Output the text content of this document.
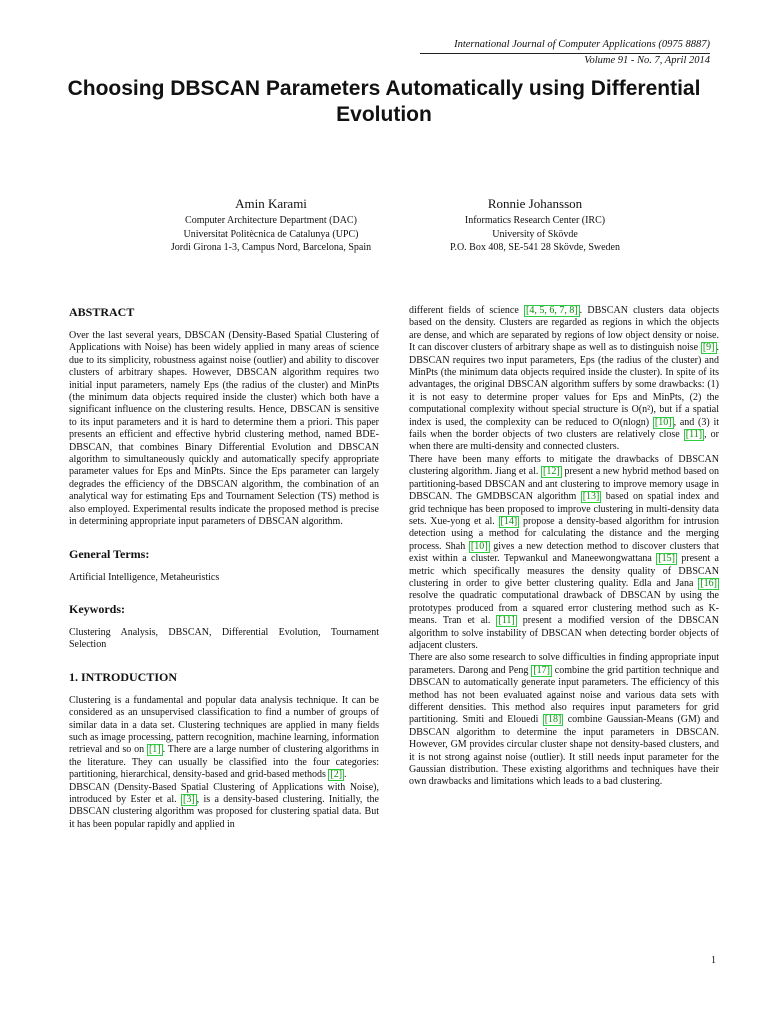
International Journal of Computer Applications (0975 8887)
Volume 91 - No. 7, April 2014
Choosing DBSCAN Parameters Automatically using Differential Evolution
Amin Karami
Computer Architecture Department (DAC)
Universitat Politècnica de Catalunya (UPC)
Jordi Girona 1-3, Campus Nord, Barcelona, Spain
Ronnie Johansson
Informatics Research Center (IRC)
University of Skövde
P.O. Box 408, SE-541 28 Skövde, Sweden
ABSTRACT

Over the last several years, DBSCAN (Density-Based Spatial Clustering of Applications with Noise) has been widely applied in many areas of science due to its simplicity, robustness against noise (outlier) and ability to discover clusters of arbitrary shapes. However, DBSCAN algorithm requires two initial input parameters, namely Eps (the radius of the cluster) and MinPts (the minimum data objects required inside the cluster) which both have a significant influence on the clustering results. Hence, DBSCAN is sensitive to its input parameters and it is hard to determine them a priori. This paper presents an efficient and effective hybrid clustering method, named BDE-DBSCAN, that combines Binary Differential Evolution and DBSCAN algorithm to simultaneously quickly and automatically specify appropriate parameter values for Eps and MinPts. Since the Eps parameter can largely degrades the efficiency of the DBSCAN algorithm, the combination of an analytical way for estimating Eps and Tournament Selection (TS) method is also employed. Experimental results indicate the proposed method is precise in determining appropriate input parameters of DBSCAN algorithm.

General Terms:

Artificial Intelligence, Metaheuristics

Keywords:

Clustering Analysis, DBSCAN, Differential Evolution, Tournament Selection

1. INTRODUCTION

Clustering is a fundamental and popular data analysis technique. It can be considered as an unsupervised classification to find a number of groups of similar data in a data set. Clustering techniques are applied in many fields such as image processing, pattern recognition, machine learning, information retrieval and so on [1] . There are a large number of clustering algorithms in the literature. They can usually be classified into the four categories: partitioning, hierarchical, density-based and grid-based methods [2] .

DBSCAN (Density-Based Spatial Clustering of Applications with Noise), introduced by Ester et al. [3] , is a density-based clustering. Initially, the DBSCAN clustering algorithm was proposed for clustering spatial data. But it has been popular rapidly and applied in

different fields of science [4, 5, 6, 7, 8] . DBSCAN clusters data objects based on the density. Clusters are regarded as regions in which the objects are dense, and which are separated by regions of low object density or noise. It can discover clusters of arbitrary shape as well as to distinguish noise [9] . DBSCAN requires two input parameters, Eps (the radius of the cluster) and MinPts (the minimum data objects required inside the cluster). In spite of its advantages, the original DBSCAN algorithm suffers by some drawbacks: (1) it is not easy to determine proper values for Eps and MinPts, (2) the computational complexity without special structure is O(n²), but if a spatial index is used, the complexity can be reduced to O(nlogn) [10] , and (3) it fails when the border objects of two clusters are relatively close [11] , or when there are multi-density and connected clusters.

There have been many efforts to mitigate the drawbacks of DBSCAN clustering algorithm. Jiang et al. [12] present a new hybrid method based on partitioning-based DBSCAN and ant clustering to improve memory usage in DBSCAN. The GMDBSCAN algorithm [13] based on spatial index and grid technique has been proposed to improve clustering in multi-density data sets. Xue-yong et al. [14] propose a density-based algorithm for intrusion detection using a method for calculating the distance and the merging process. Shah [10] gives a new detection method to discover clusters that exist within a cluster. Tepwankul and Maneewongwattana [15] present a metric which specifically measures the density quality of DBSCAN clustering in order to give better clustering quality. Edla and Jana [16] resolve the quadratic computational drawback of DBSCAN by using the prototypes produced from a squared error clustering method such as K-means. Tran et al. [11] present a modified version of the DBSCAN algorithm to solve instability of DBSCAN when detecting border objects of adjacent clusters.

There are also some research to solve difficulties in finding appropriate input parameters. Darong and Peng [17] combine the grid partition technique and DBSCAN to automatically generate input parameters. The efficiency of this method has not been evaluated against noise and various data sets with different densities. This method also requires input parameters for grid partitioning. Smiti and Elouedi [18] combine Gaussian-Means (GM) and DBSCAN algorithm to determine the input parameters in DBSCAN. However, GM provides circular cluster shape not density-based clusters, and it is not strong against noise (outlier). It still needs input parameter for the Gaussian distribution. These existing algorithms and techniques have their own drawbacks and limitations which leads to a bad clustering.

1
